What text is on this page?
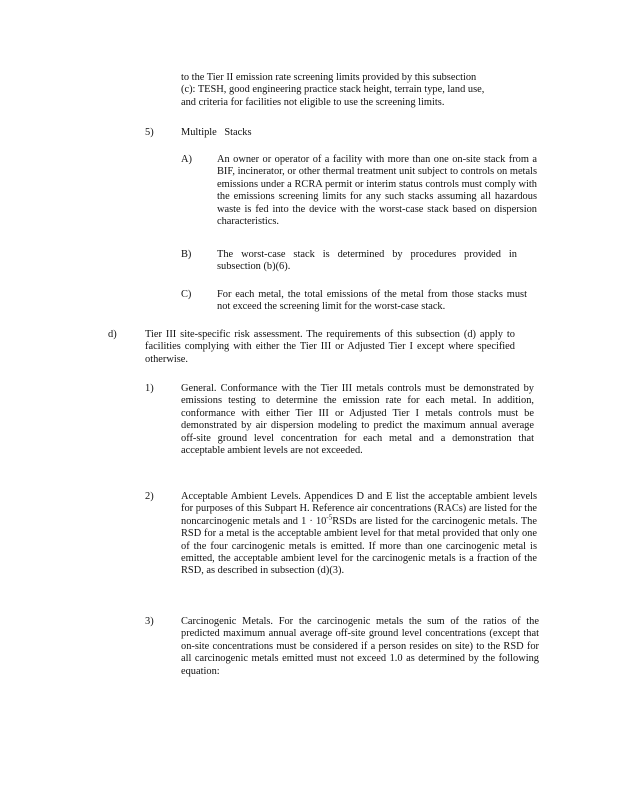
to the Tier II emission rate screening limits provided by this subsection
(c): TESH, good engineering practice stack height, terrain type, land use,
and criteria for facilities not eligible to use the screening limits.
5)	Multiple Stacks
A) An owner or operator of a facility with more than one on-site stack from a BIF, incinerator, or other thermal treatment unit subject to controls on metals emissions under a RCRA permit or interim status controls must comply with the emissions screening limits for any such stacks assuming all hazardous waste is fed into the device with the worst-case stack based on dispersion characteristics.

B) The worst-case stack is determined by procedures provided in subsection (b)(6).

C) For each metal, the total emissions of the metal from those stacks must not exceed the screening limit for the worst-case stack.

d)	Tier III site-specific risk assessment. The requirements of this subsection (d) apply to facilities complying with either the Tier III or Adjusted Tier I except where specified otherwise.

1)	General. Conformance with the Tier III metals controls must be demonstrated by emissions testing to determine the emission rate for each metal. In addition, conformance with either Tier III or Adjusted Tier I metals controls must be demonstrated by air dispersion modeling to predict the maximum annual average off-site ground level concentration for each metal and a demonstration that acceptable ambient levels are not exceeded.

2)	Acceptable Ambient Levels. Appendices D and E list the acceptable ambient levels for purposes of this Subpart H. Reference air concentrations (RACs) are listed for the noncarcinogenic metals and $1 \cdot 10^{-5}RSDs$ are listed for the carcinogenic metals. The RSD for a metal is the acceptable ambient level for that metal provided that only one of the four carcinogenic metals is emitted. If more than one carcinogenic metal is emitted, the acceptable ambient level for the carcinogenic metals is a fraction of the RSD, as described in subsection (d)(3).

3)	Carcinogenic Metals. For the carcinogenic metals the sum of the ratios of the predicted maximum annual average off-site ground level concentrations (except that on-site concentrations must be considered if a person resides on site) to the RSD for all carcinogenic metals emitted must not exceed 1.0 as determined by the following equation:
